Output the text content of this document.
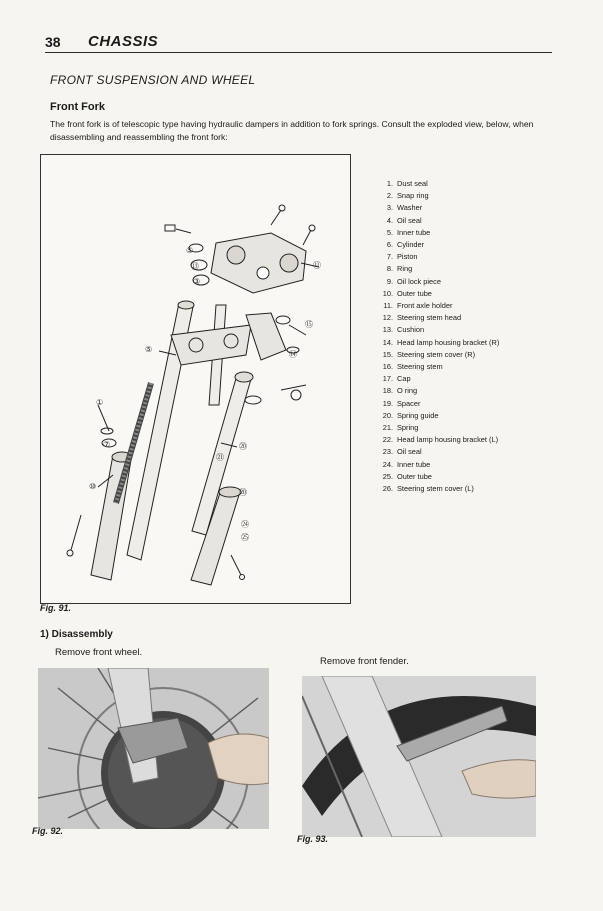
38 CHASSIS
FRONT SUSPENSION AND WHEEL
Front Fork
The front fork is of telescopic type having hydraulic dampers in addition to fork springs. Consult the exploded view, below, when disassembling and reassembling the front fork:
⑤
⑬
③
⑤
①
⑩
⑪
⑮
⑭
⑳
⑳
㉔
㉕
㉑
⑦
1. Dust seal
2. Snap ring
3. Washer
4. Oil seal
5. Inner tube
6. Cylinder
7. Piston
8. Ring
9. Oil lock piece
10. Outer tube
11. Front axle holder
12. Steering stem head
13. Cushion
14. Head lamp housing bracket (R)
15. Steering stem cover (R)
16. Steering stem
17. Cap
18. O ring
19. Spacer
20. Spring guide
21. Spring
22. Head lamp housing bracket (L)
23. Oil seal
24. Inner tube
25. Outer tube
26. Steering stem cover (L)
Fig. 91.
1) Disassembly
Remove front wheel.
Remove front fender.
Fig. 92.
Fig. 93.
